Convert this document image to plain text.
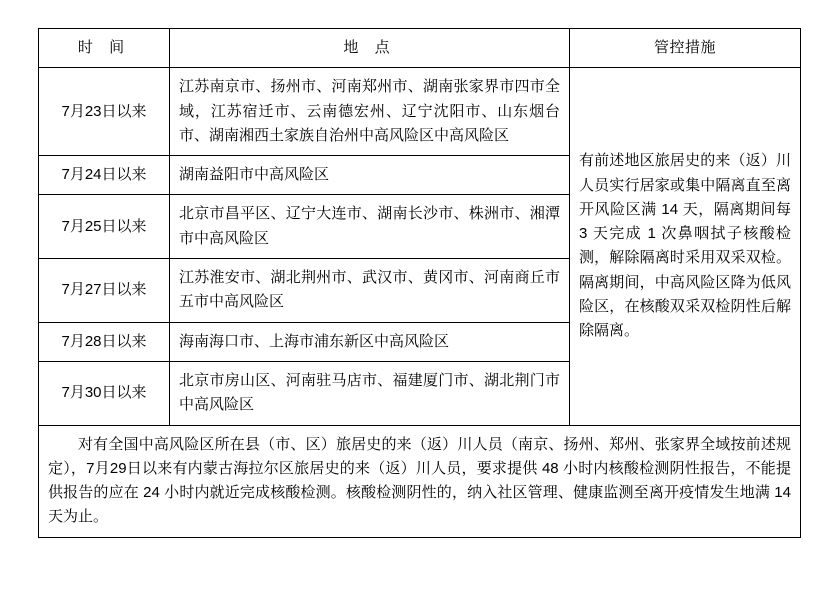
时 间	地 点	管控措施
7月23日以来	江苏南京市、扬州市、河南郑州市、湖南张家界市四市全域，江苏宿迁市、云南德宏州、辽宁沈阳市、山东烟台市、湖南湘西土家族自治州中高风险区中高风险区	有前述地区旅居史的来（返）川人员实行居家或集中隔离直至离开风险区满 14 天，隔离期间每 3 天完成 1 次鼻咽拭子核酸检测，解除隔离时采用双采双检。隔离期间，中高风险区降为低风险区，在核酸双采双检阴性后解除隔离。
7月24日以来	湖南益阳市中高风险区	
7月25日以来	北京市昌平区、辽宁大连市、湖南长沙市、株洲市、湘潭市中高风险区	
7月27日以来	江苏淮安市、湖北荆州市、武汉市、黄冈市、河南商丘市五市中高风险区	
7月28日以来	海南海口市、上海市浦东新区中高风险区	
7月30日以来	北京市房山区、河南驻马店市、福建厦门市、湖北荆门市中高风险区	

对有全国中高风险区所在县（市、区）旅居史的来（返）川人员（南京、扬州、郑州、张家界全域按前述规定），7月29日以来有内蒙古海拉尔区旅居史的来（返）川人员，要求提供 48 小时内核酸检测阴性报告，不能提供报告的应在 24 小时内就近完成核酸检测。核酸检测阴性的，纳入社区管理、健康监测至离开疫情发生地满 14 天为止。		
